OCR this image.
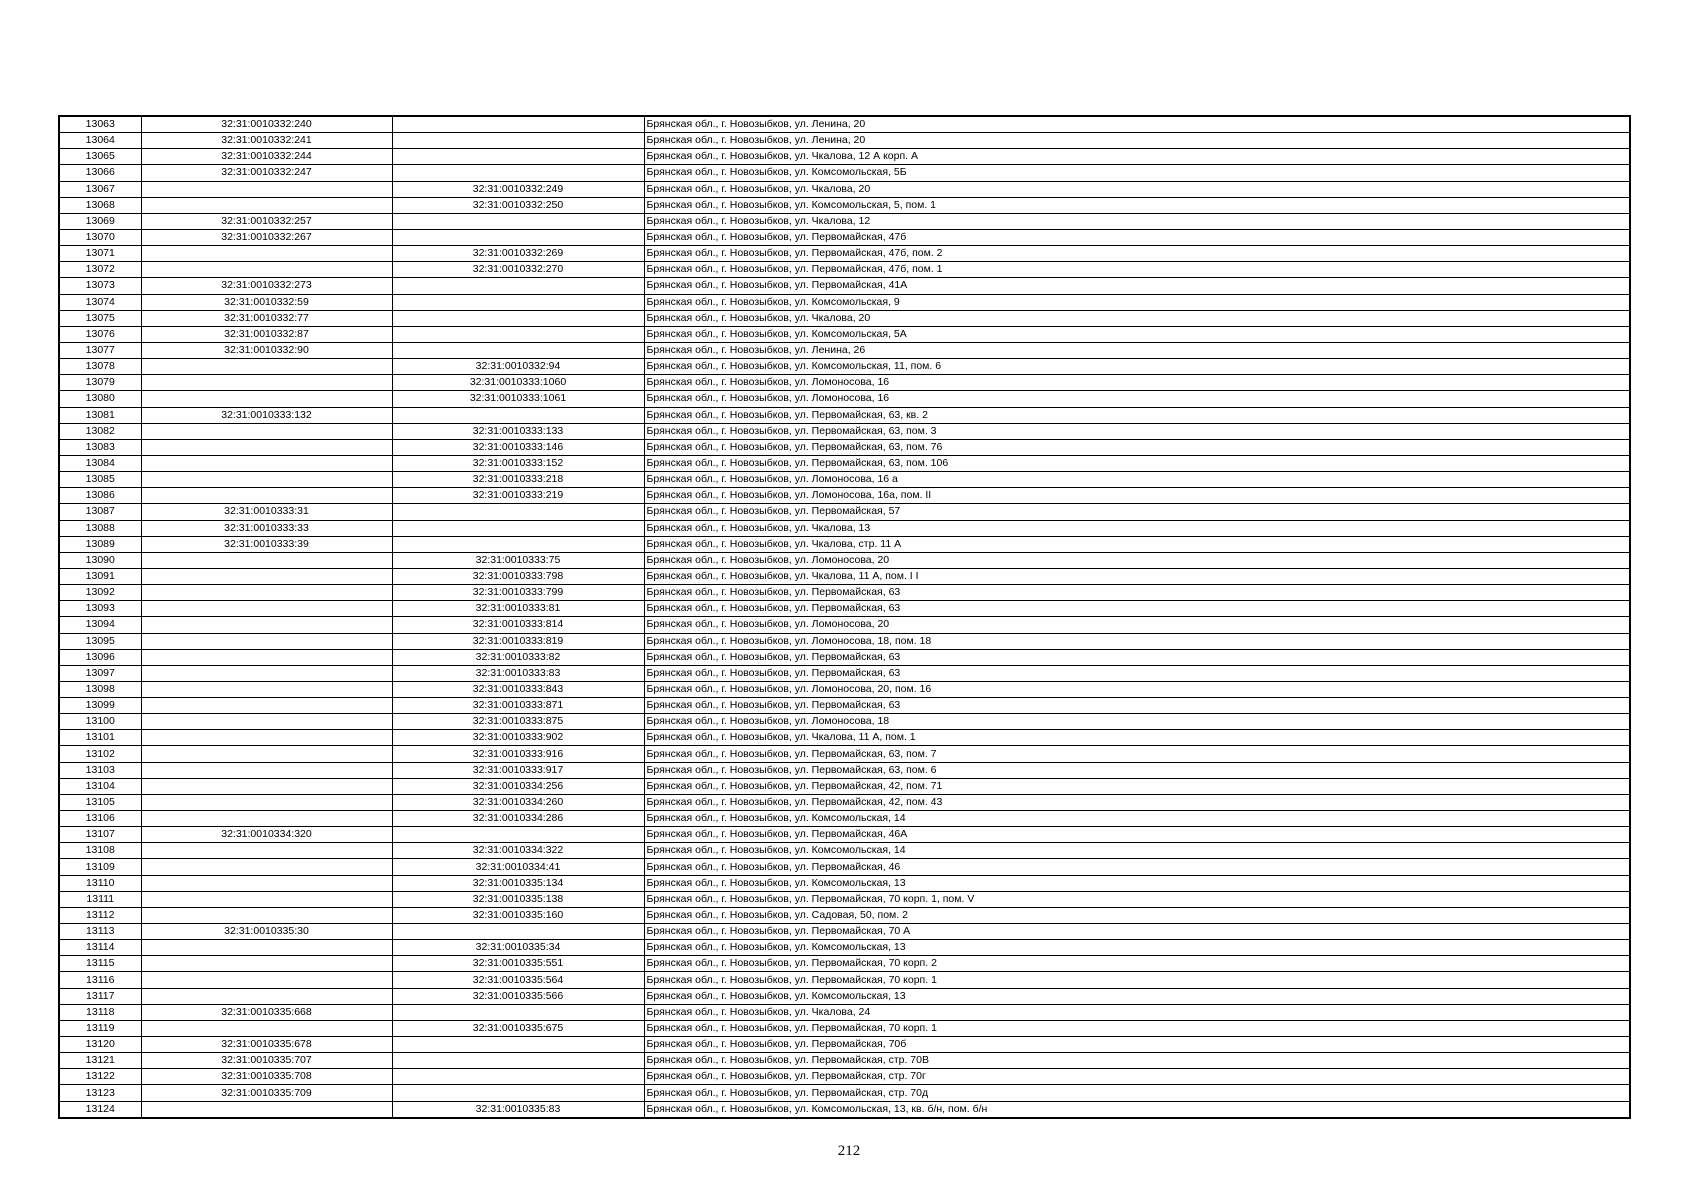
13063	32:31:0010332:240		Брянская обл., г. Новозыбков, ул. Ленина, 20
13064	32:31:0010332:241		Брянская обл., г. Новозыбков, ул. Ленина, 20
13065	32:31:0010332:244		Брянская обл., г. Новозыбков, ул. Чкалова, 12 А корп. А
13066	32:31:0010332:247		Брянская обл., г. Новозыбков, ул. Комсомольская, 5Б
13067		32:31:0010332:249	Брянская обл., г. Новозыбков, ул. Чкалова, 20
13068		32:31:0010332:250	Брянская обл., г. Новозыбков, ул. Комсомольская, 5, пом. 1
13069	32:31:0010332:257		Брянская обл., г. Новозыбков, ул. Чкалова, 12
13070	32:31:0010332:267		Брянская обл., г. Новозыбков, ул. Первомайская, 47б
13071		32:31:0010332:269	Брянская обл., г. Новозыбков, ул. Первомайская, 47б, пом. 2
13072		32:31:0010332:270	Брянская обл., г. Новозыбков, ул. Первомайская, 47б, пом. 1
13073	32:31:0010332:273		Брянская обл., г. Новозыбков, ул. Первомайская, 41А
13074	32:31:0010332:59		Брянская обл., г. Новозыбков, ул. Комсомольская, 9
13075	32:31:0010332:77		Брянская обл., г. Новозыбков, ул. Чкалова, 20
13076	32:31:0010332:87		Брянская обл., г. Новозыбков, ул. Комсомольская, 5А
13077	32:31:0010332:90		Брянская обл., г. Новозыбков, ул. Ленина, 26
13078		32:31:0010332:94	Брянская обл., г. Новозыбков, ул. Комсомольская, 11, пом. 6
13079		32:31:0010333:1060	Брянская обл., г. Новозыбков, ул. Ломоносова, 16
13080		32:31:0010333:1061	Брянская обл., г. Новозыбков, ул. Ломоносова, 16
13081	32:31:0010333:132		Брянская обл., г. Новозыбков, ул. Первомайская, 63, кв. 2
13082		32:31:0010333:133	Брянская обл., г. Новозыбков, ул. Первомайская, 63, пом. 3
13083		32:31:0010333:146	Брянская обл., г. Новозыбков, ул. Первомайская, 63, пом. 76
13084		32:31:0010333:152	Брянская обл., г. Новозыбков, ул. Первомайская, 63, пом. 106
13085		32:31:0010333:218	Брянская обл., г. Новозыбков, ул. Ломоносова, 16 а
13086		32:31:0010333:219	Брянская обл., г. Новозыбков, ул. Ломоносова, 16а, пом. II
13087	32:31:0010333:31		Брянская обл., г. Новозыбков, ул. Первомайская, 57
13088	32:31:0010333:33		Брянская обл., г. Новозыбков, ул. Чкалова, 13
13089	32:31:0010333:39		Брянская обл., г. Новозыбков, ул. Чкалова, стр. 11 А
13090		32:31:0010333:75	Брянская обл., г. Новозыбков, ул. Ломоносова, 20
13091		32:31:0010333:798	Брянская обл., г. Новозыбков, ул. Чкалова, 11 А, пом. I I
13092		32:31:0010333:799	Брянская обл., г. Новозыбков, ул. Первомайская, 63
13093		32:31:0010333:81	Брянская обл., г. Новозыбков, ул. Первомайская, 63
13094		32:31:0010333:814	Брянская обл., г. Новозыбков, ул. Ломоносова, 20
13095		32:31:0010333:819	Брянская обл., г. Новозыбков, ул. Ломоносова, 18, пом. 18
13096		32:31:0010333:82	Брянская обл., г. Новозыбков, ул. Первомайская, 63
13097		32:31:0010333:83	Брянская обл., г. Новозыбков, ул. Первомайская, 63
13098		32:31:0010333:843	Брянская обл., г. Новозыбков, ул. Ломоносова, 20, пом. 16
13099		32:31:0010333:871	Брянская обл., г. Новозыбков, ул. Первомайская, 63
13100		32:31:0010333:875	Брянская обл., г. Новозыбков, ул. Ломоносова, 18
13101		32:31:0010333:902	Брянская обл., г. Новозыбков, ул. Чкалова, 11 А, пом. 1
13102		32:31:0010333:916	Брянская обл., г. Новозыбков, ул. Первомайская, 63, пом. 7
13103		32:31:0010333:917	Брянская обл., г. Новозыбков, ул. Первомайская, 63, пом. 6
13104		32:31:0010334:256	Брянская обл., г. Новозыбков, ул. Первомайская, 42, пом. 71
13105		32:31:0010334:260	Брянская обл., г. Новозыбков, ул. Первомайская, 42, пом. 43
13106		32:31:0010334:286	Брянская обл., г. Новозыбков, ул. Комсомольская, 14
13107	32:31:0010334:320		Брянская обл., г. Новозыбков, ул. Первомайская, 46А
13108		32:31:0010334:322	Брянская обл., г. Новозыбков, ул. Комсомольская, 14
13109		32:31:0010334:41	Брянская обл., г. Новозыбков, ул. Первомайская, 46
13110		32:31:0010335:134	Брянская обл., г. Новозыбков, ул. Комсомольская, 13
13111		32:31:0010335:138	Брянская обл., г. Новозыбков, ул. Первомайская, 70 корп. 1, пом. V
13112		32:31:0010335:160	Брянская обл., г. Новозыбков, ул. Садовая, 50, пом. 2
13113	32:31:0010335:30		Брянская обл., г. Новозыбков, ул. Первомайская, 70 А
13114		32:31:0010335:34	Брянская обл., г. Новозыбков, ул. Комсомольская, 13
13115		32:31:0010335:551	Брянская обл., г. Новозыбков, ул. Первомайская, 70 корп. 2
13116		32:31:0010335:564	Брянская обл., г. Новозыбков, ул. Первомайская, 70 корп. 1
13117		32:31:0010335:566	Брянская обл., г. Новозыбков, ул. Комсомольская, 13
13118	32:31:0010335:668		Брянская обл., г. Новозыбков, ул. Чкалова, 24
13119		32:31:0010335:675	Брянская обл., г. Новозыбков, ул. Первомайская, 70 корп. 1
13120	32:31:0010335:678		Брянская обл., г. Новозыбков, ул. Первомайская, 70б
13121	32:31:0010335:707		Брянская обл., г. Новозыбков, ул. Первомайская, стр. 70В
13122	32:31:0010335:708		Брянская обл., г. Новозыбков, ул. Первомайская, стр. 70г
13123	32:31:0010335:709		Брянская обл., г. Новозыбков, ул. Первомайская, стр. 70д
13124		32:31:0010335:83	Брянская обл., г. Новозыбков, ул. Комсомольская, 13, кв. б/н, пом. б/н
212
